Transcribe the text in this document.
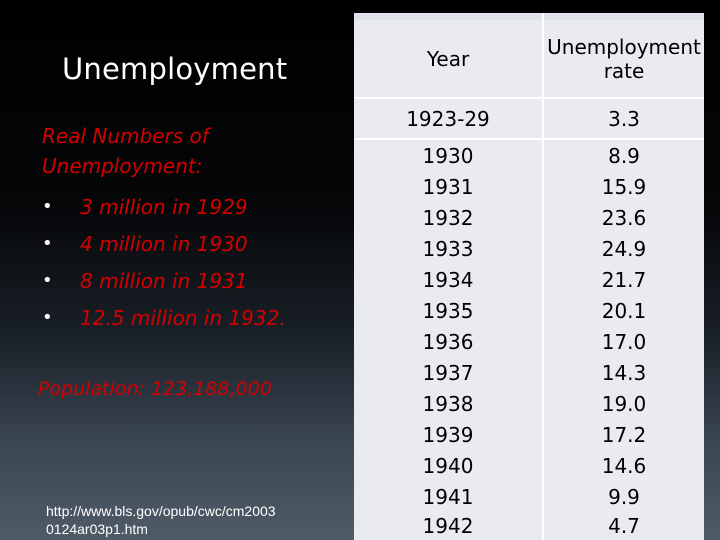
Unemployment
Real Numbers of Unemployment:
•	3 million in 1929
•	4 million in 1930
•	8 million in 1931
•	12.5 million in 1932.
Population: 123,188,000
http://www.bls.gov/opub/cwc/cm2003
0124ar03p1.htm
Year	Unemployment rate
1923-29	3.3
1930	8.9
1931	15.9
1932	23.6
1933	24.9
1934	21.7
1935	20.1
1936	17.0
1937	14.3
1938	19.0
1939	17.2
1940	14.6
1941	9.9
1942	4.7
